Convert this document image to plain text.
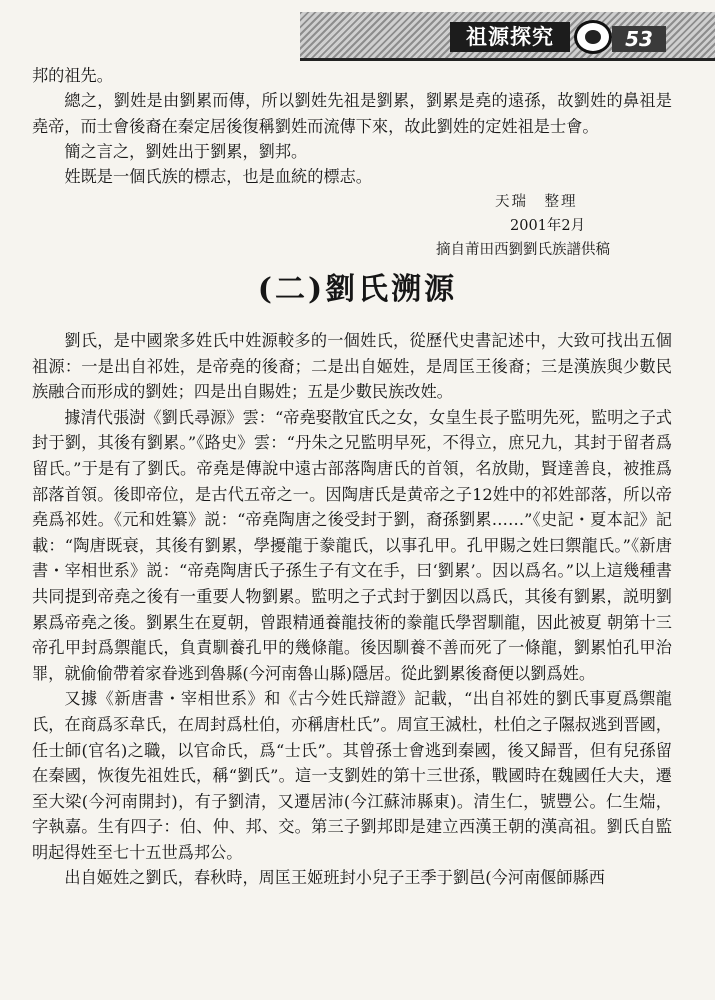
祖源探究	53

邦的祖先。

總之，劉姓是由劉累而傳，所以劉姓先祖是劉累，劉累是堯的遠孫，故劉姓的鼻祖是堯帝，而士會後裔在秦定居後復稱劉姓而流傳下來，故此劉姓的定姓祖是士會。

簡之言之，劉姓出于劉累，劉邦。

姓既是一個氏族的標志，也是血統的標志。

天瑞　整理
2001年2月
摘自莆田西劉劉氏族譜供稿
(二)劉氏溯源

劉氏，是中國衆多姓氏中姓源較多的一個姓氏，從歷代史書記述中，大致可找出五個祖源：一是出自祁姓，是帝堯的後裔；二是出自姬姓，是周匡王後裔；三是漢族與少數民族融合而形成的劉姓；四是出自賜姓；五是少數民族改姓。

據清代張澍《劉氏尋源》雲：“帝堯娶散宜氏之女，女皇生長子監明先死，監明之子式封于劉，其後有劉累。”《路史》雲：“丹朱之兄監明早死，不得立，庶兄九，其封于留者爲留氏。”于是有了劉氏。帝堯是傳說中遠古部落陶唐氏的首領，名放勛，賢達善良，被推爲部落首領。後即帝位，是古代五帝之一。因陶唐氏是黄帝之子12姓中的祁姓部落，所以帝堯爲祁姓。《元和姓纂》説：“帝堯陶唐之後受封于劉，裔孫劉累……”《史記・夏本記》記載：“陶唐既衰，其後有劉累，學擾龍于豢龍氏，以事孔甲。孔甲賜之姓曰禦龍氏。”《新唐書・宰相世系》説：“帝堯陶唐氏子孫生子有文在手，曰‘劉累’。因以爲名。”以上這幾種書共同提到帝堯之後有一重要人物劉累。監明之子式封于劉因以爲氏，其後有劉累，説明劉累爲帝堯之後。劉累生在夏朝，曾跟精通養龍技術的豢龍氏學習馴龍，因此被夏 朝第十三帝孔甲封爲禦龍氏，負責馴養孔甲的幾條龍。後因馴養不善而死了一條龍，劉累怕孔甲治罪，就偷偷帶着家眷逃到魯縣(今河南魯山縣)隱居。從此劉累後裔便以劉爲姓。

又據《新唐書・宰相世系》和《古今姓氏辯證》記載，“出自祁姓的劉氏事夏爲禦龍氏，在商爲豕韋氏，在周封爲杜伯，亦稱唐杜氏”。周宣王滅杜，杜伯之子隰叔逃到晋國，任士師(官名)之職，以官命氏，爲“士氏”。其曾孫士會逃到秦國，後又歸晋，但有兒孫留在秦國，恢復先祖姓氏，稱“劉氏”。這一支劉姓的第十三世孫，戰國時在魏國任大夫，遷至大梁(今河南開封)，有子劉清，又遷居沛(今江蘇沛縣東)。清生仁，號豐公。仁生煓，字執嘉。生有四子：伯、仲、邦、交。第三子劉邦即是建立西漢王朝的漢高祖。劉氏自監明起得姓至七十五世爲邦公。

出自姬姓之劉氏，春秋時，周匡王姬班封小兒子王季于劉邑(今河南偃師縣西
